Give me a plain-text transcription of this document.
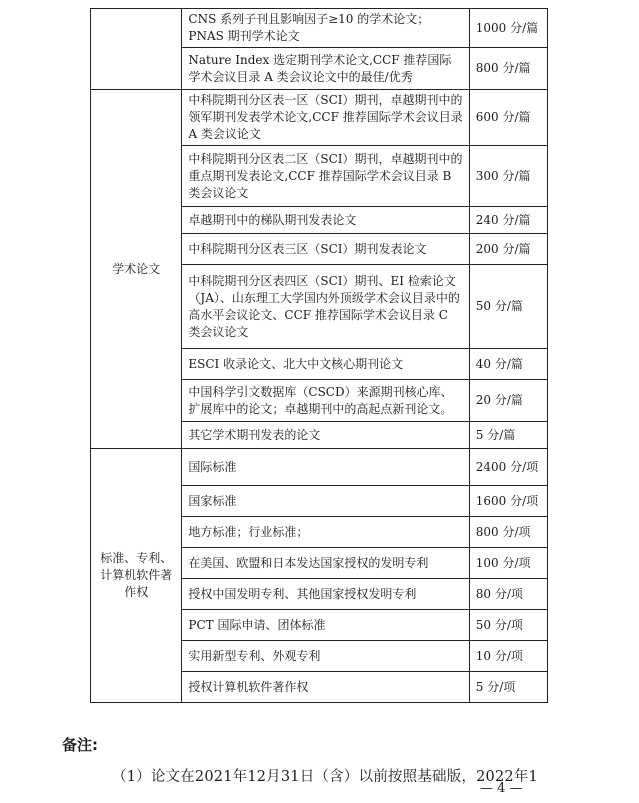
	CNS 系列子刊且影响因子≥10 的学术论文；PNAS 期刊学术论文	1000 分/篇
	Nature Index 选定期刊学术论文,CCF 推荐国际学术会议目录 A 类会议论文中的最佳/优秀	800 分/篇
学术论文	中科院期刊分区表一区（SCI）期刊，卓越期刊中的领军期刊发表学术论文,CCF 推荐国际学术会议目录 A 类会议论文	600 分/篇
	中科院期刊分区表二区（SCI）期刊，卓越期刊中的重点期刊发表论文,CCF 推荐国际学术会议目录 B 类会议论文	300 分/篇
	卓越期刊中的梯队期刊发表论文	240 分/篇
	中科院期刊分区表三区（SCI）期刊发表论文	200 分/篇
	中科院期刊分区表四区（SCI）期刊、EI 检索论文（JA）、山东理工大学国内外顶级学术会议目录中的高水平会议论文、CCF 推荐国际学术会议目录 C 类会议论文	50 分/篇
	ESCI 收录论文、北大中文核心期刊论文	40 分/篇
	中国科学引文数据库（CSCD）来源期刊核心库、扩展库中的论文；卓越期刊中的高起点新刊论文。	20 分/篇
	其它学术期刊发表的论文	5 分/篇
标准、专利、计算机软件著作权	国际标准	2400 分/项
	国家标准	1600 分/项
	地方标准；行业标准；	800 分/项
	在美国、欧盟和日本发达国家授权的发明专利	100 分/项
	授权中国发明专利、其他国家授权发明专利	80 分/项
	PCT 国际申请、团体标准	50 分/项
	实用新型专利、外观专利	10 分/项
	授权计算机软件著作权	5 分/项
备注:
（1）论文在2021年12月31日（含）以前按照基础版，2022年1
— 4 —
